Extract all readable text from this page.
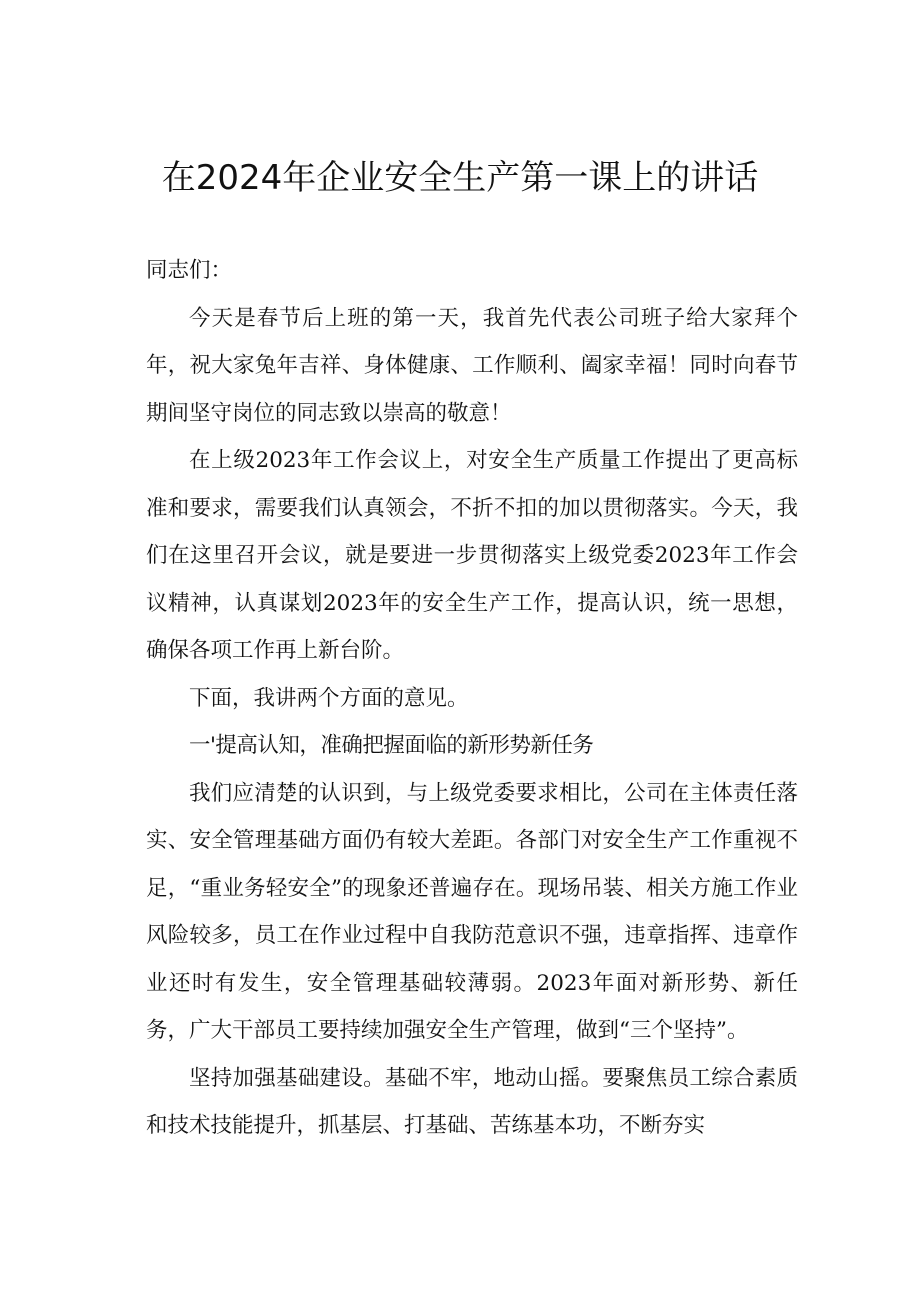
在2024年企业安全生产第一课上的讲话

同志们：

今天是春节后上班的第一天，我首先代表公司班子给大家拜个年，祝大家兔年吉祥、身体健康、工作顺利、阖家幸福！同时向春节期间坚守岗位的同志致以崇高的敬意！

在上级2023年工作会议上，对安全生产质量工作提出了更高标准和要求，需要我们认真领会，不折不扣的加以贯彻落实。今天，我们在这里召开会议，就是要进一步贯彻落实上级党委2023年工作会议精神，认真谋划2023年的安全生产工作，提高认识，统一思想，确保各项工作再上新台阶。

下面，我讲两个方面的意见。

一'提高认知，准确把握面临的新形势新任务

我们应清楚的认识到，与上级党委要求相比，公司在主体责任落实、安全管理基础方面仍有较大差距。各部门对安全生产工作重视不足，“重业务轻安全”的现象还普遍存在。现场吊装、相关方施工作业风险较多，员工在作业过程中自我防范意识不强，违章指挥、违章作业还时有发生，安全管理基础较薄弱。2023年面对新形势、新任务，广大干部员工要持续加强安全生产管理，做到“三个坚持”。

坚持加强基础建设。基础不牢，地动山摇。要聚焦员工综合素质和技术技能提升，抓基层、打基础、苦练基本功，不断夯实
